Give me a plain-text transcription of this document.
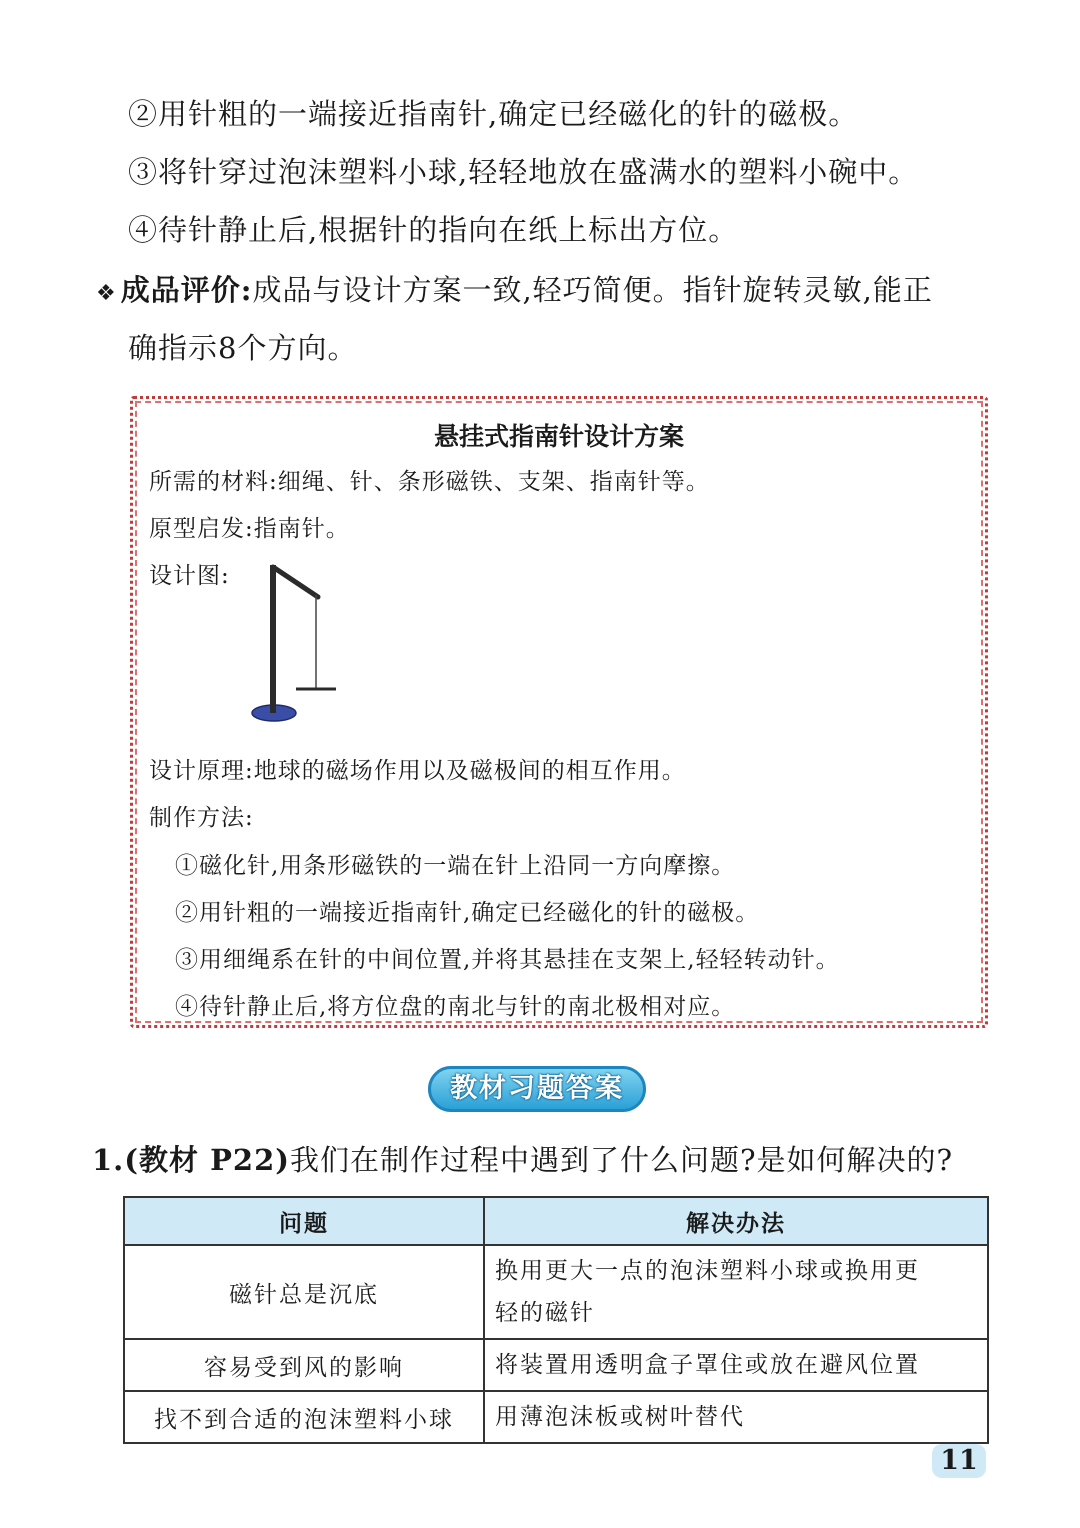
②用针粗的一端接近指南针,确定已经磁化的针的磁极。
③将针穿过泡沫塑料小球,轻轻地放在盛满水的塑料小碗中。
④待针静止后,根据针的指向在纸上标出方位。
❖ 成品评价:成品与设计方案一致,轻巧简便。指针旋转灵敏,能正
确指示8个方向。
悬挂式指南针设计方案
所需的材料:细绳、针、条形磁铁、支架、指南针等。
原型启发:指南针。
设计图:
设计原理:地球的磁场作用以及磁极间的相互作用。
制作方法:
①磁化针,用条形磁铁的一端在针上沿同一方向摩擦。
②用针粗的一端接近指南针,确定已经磁化的针的磁极。
③用细绳系在针的中间位置,并将其悬挂在支架上,轻轻转动针。
④待针静止后,将方位盘的南北与针的南北极相对应。
教材习题答案
1.(教材 P22)我们在制作过程中遇到了什么问题?是如何解决的?
问题	解决办法
磁针总是沉底	换用更大一点的泡沫塑料小球或换用更
轻的磁针
容易受到风的影响	将装置用透明盒子罩住或放在避风位置
找不到合适的泡沫塑料小球	用薄泡沫板或树叶替代
11
